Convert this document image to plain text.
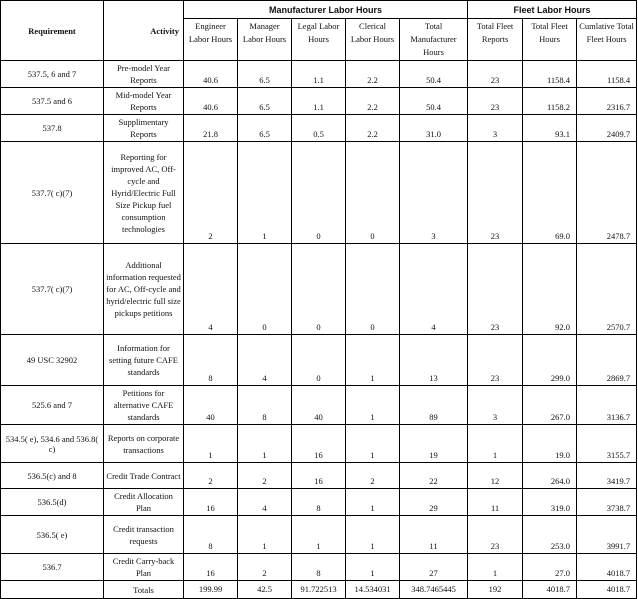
Requirement	Activity	Manufacturer Labor Hours					Fleet Labor Hours		
		Engineer Labor Hours	Manager Labor Hours	Legal Labor Hours	Clerical Labor Hours	Total Manufacturer Hours	Total Fleet Reports	Total Fleet Hours	Cumlative Total Fleet Hours
537.5, 6 and 7	Pre-model Year Reports	40.6	6.5	1.1	2.2	50.4	23	1158.4	1158.4
537.5 and 6	Mid-model Year Reports	40.6	6.5	1.1	2.2	50.4	23	1158.2	2316.7
537.8	Supplimentary Reports	21.8	6.5	0.5	2.2	31.0	3	93.1	2409.7
537.7( c)(7)	Reporting for improved AC, Off-cycle and Hyrid/Electric Full Size Pickup fuel consumption technologies	2	1	0	0	3	23	69.0	2478.7
537.7( c)(7)	Additional information requested for AC, Off-cycle and hyrid/electric full size pickups petitions	4	0	0	0	4	23	92.0	2570.7
49 USC 32902	Information for setting future CAFE standards	8	4	0	1	13	23	299.0	2869.7
525.6 and 7	Petitions for alternative CAFE standards	40	8	40	1	89	3	267.0	3136.7
534.5( e), 534.6 and 536.8( c)	Reports on corporate transactions	1	1	16	1	19	1	19.0	3155.7
536.5(c) and 8	Credit Trade Contract	2	2	16	2	22	12	264.0	3419.7
536.5(d)	Credit Allocation Plan	16	4	8	1	29	11	319.0	3738.7
536.5( e)	Credit transaction requests	8	1	1	1	11	23	253.0	3991.7
536.7	Credit Carry-back Plan	16	2	8	1	27	1	27.0	4018.7
	Totals	199.99	42.5	91.722513	14.534031	348.7465445	192	4018.7	4018.7
